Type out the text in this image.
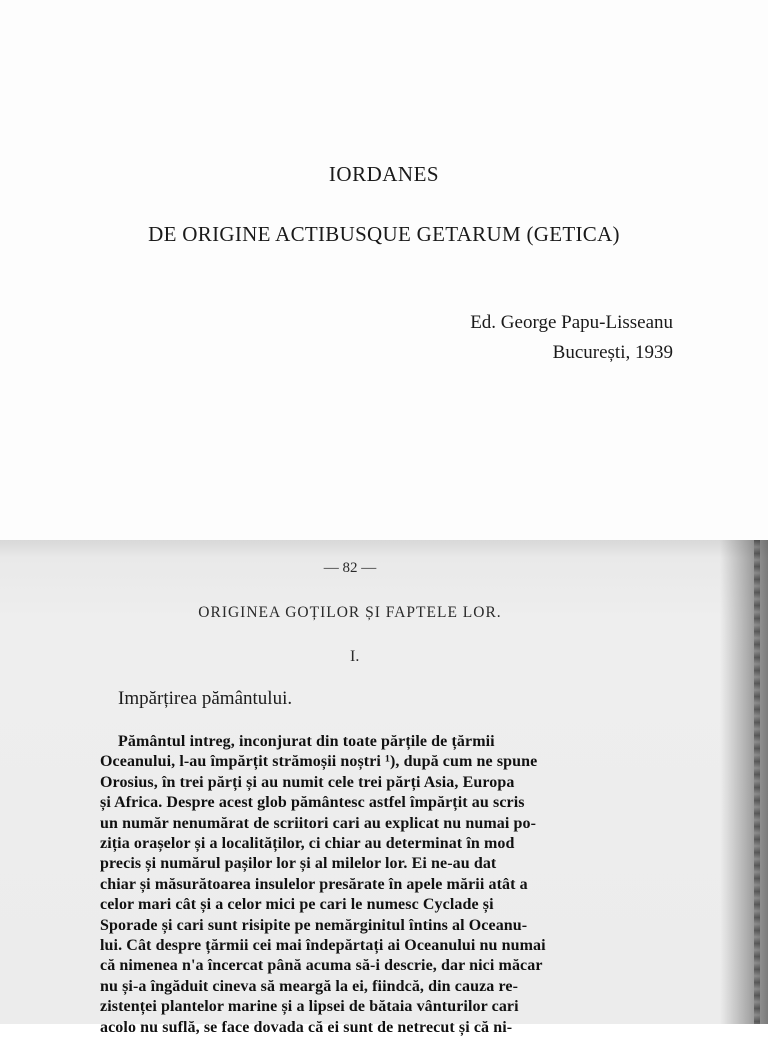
IORDANES
DE ORIGINE ACTIBUSQUE GETARUM (GETICA)
Ed. George Papu-Lisseanu
București, 1939
— 82 —
ORIGINEA GOȚILOR ȘI FAPTELE LOR.
I.
Impărțirea pământului.
Pământul intreg, inconjurat din toate părțile de țărmii
Oceanului, l-au împărțit strămoșii noștri ¹), după cum ne spune
Orosius, în trei părți și au numit cele trei părți Asia, Europa
și Africa. Despre acest glob pământesc astfel împărțit au scris
un număr nenumărat de scriitori cari au explicat nu numai po-
ziția orașelor și a localităților, ci chiar au determinat în mod
precis și numărul pașilor lor și al milelor lor. Ei ne-au dat
chiar și măsurătoarea insulelor presărate în apele mării atât a
celor mari cât și a celor mici pe cari le numesc Cyclade și
Sporade și cari sunt risipite pe nemărginitul întins al Oceanu-
lui. Cât despre țărmii cei mai îndepărtați ai Oceanului nu numai
că nimenea n'a încercat până acuma să-i descrie, dar nici măcar
nu și-a îngăduit cineva să meargă la ei, fiindcă, din cauza re-
zistenței plantelor marine și a lipsei de bătaia vânturilor cari
acolo nu suflă, se face dovada că ei sunt de netrecut și că ni-
